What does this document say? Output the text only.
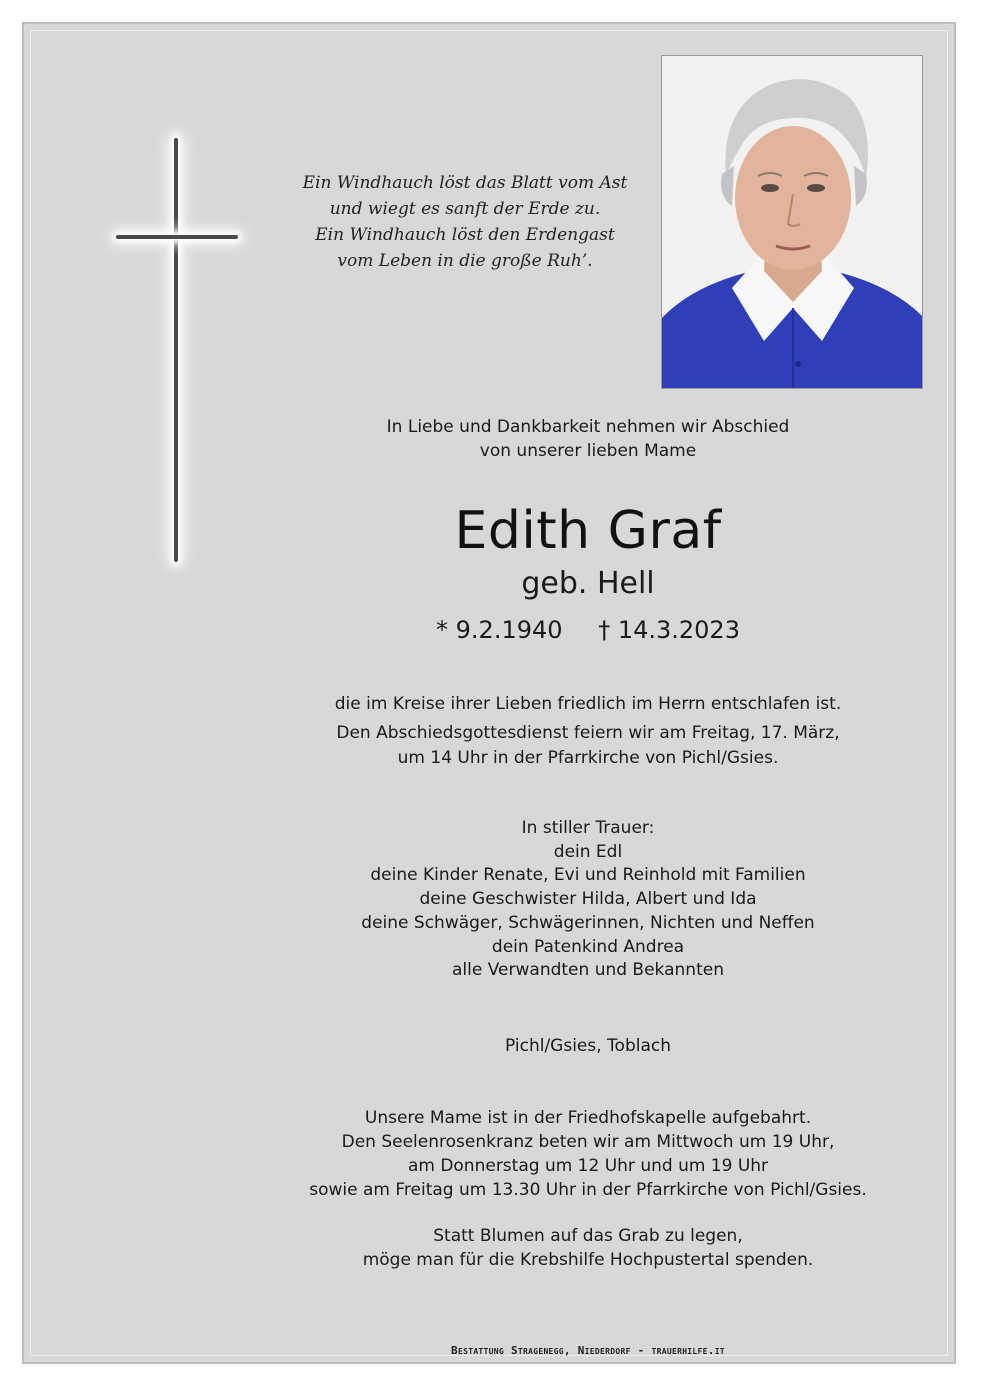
Ein Windhauch löst das Blatt vom Ast
und wiegt es sanft der Erde zu.
Ein Windhauch löst den Erdengast
vom Leben in die große Ruh’.
In Liebe und Dankbarkeit nehmen wir Abschied
von unserer lieben Mame
Edith Graf
geb. Hell
* 9.2.1940 † 14.3.2023
die im Kreise ihrer Lieben friedlich im Herrn entschlafen ist.
Den Abschiedsgottesdienst feiern wir am Freitag, 17. März,
um 14 Uhr in der Pfarrkirche von Pichl/Gsies.
In stiller Trauer:
dein Edl
deine Kinder Renate, Evi und Reinhold mit Familien
deine Geschwister Hilda, Albert und Ida
deine Schwäger, Schwägerinnen, Nichten und Neffen
dein Patenkind Andrea
alle Verwandten und Bekannten
Pichl/Gsies, Toblach
Unsere Mame ist in der Friedhofskapelle aufgebahrt.
Den Seelenrosenkranz beten wir am Mittwoch um 19 Uhr,
am Donnerstag um 12 Uhr und um 19 Uhr
sowie am Freitag um 13.30 Uhr in der Pfarrkirche von Pichl/Gsies.
Statt Blumen auf das Grab zu legen,
möge man für die Krebshilfe Hochpustertal spenden.
Bestattung Stragenegg, Niederdorf - trauerhilfe.it
